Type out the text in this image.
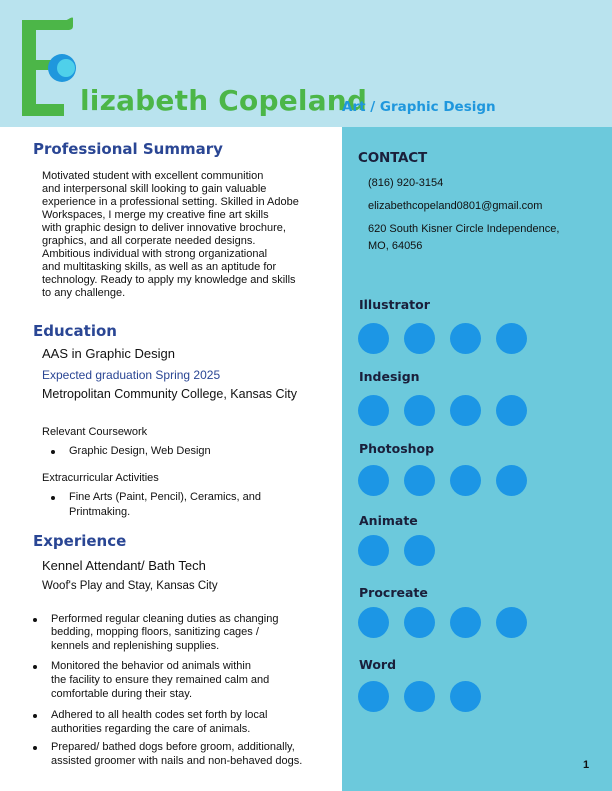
lizabeth Copeland
Art / Graphic Design
Professional Summary
Motivated student with excellent communition
and interpersonal skill looking to gain valuable
experience in a professional setting. Skilled in Adobe
Workspaces, I merge my creative fine art skills
with graphic design to deliver innovative brochure,
graphics, and all corperate needed designs.
Ambitious individual with strong organizational
and multitasking skills, as well as an aptitude for
technology. Ready to apply my knowledge and skills
to any challenge.
Education
AAS in Graphic Design
Expected graduation Spring 2025
Metropolitan Community College, Kansas City
Relevant Coursework
Graphic Design, Web Design
Extracurricular Activities
Fine Arts (Paint, Pencil), Ceramics, and
Printmaking.
Experience
Kennel Attendant/ Bath Tech
Woof's Play and Stay, Kansas City
Performed regular cleaning duties as changing
bedding, mopping floors, sanitizing cages /
kennels and replenishing supplies.
Monitored the behavior od animals within
the facility to ensure they remained calm and
comfortable during their stay.
Adhered to all health codes set forth by local
authorities regarding the care of animals.
Prepared/ bathed dogs before groom, additionally,
assisted groomer with nails and non-behaved dogs.
CONTACT
(816) 920-3154
elizabethcopeland0801@gmail.com
620 South Kisner Circle Independence,
MO, 64056
Illustrator
Indesign
Photoshop
Animate
Procreate
Word
1
